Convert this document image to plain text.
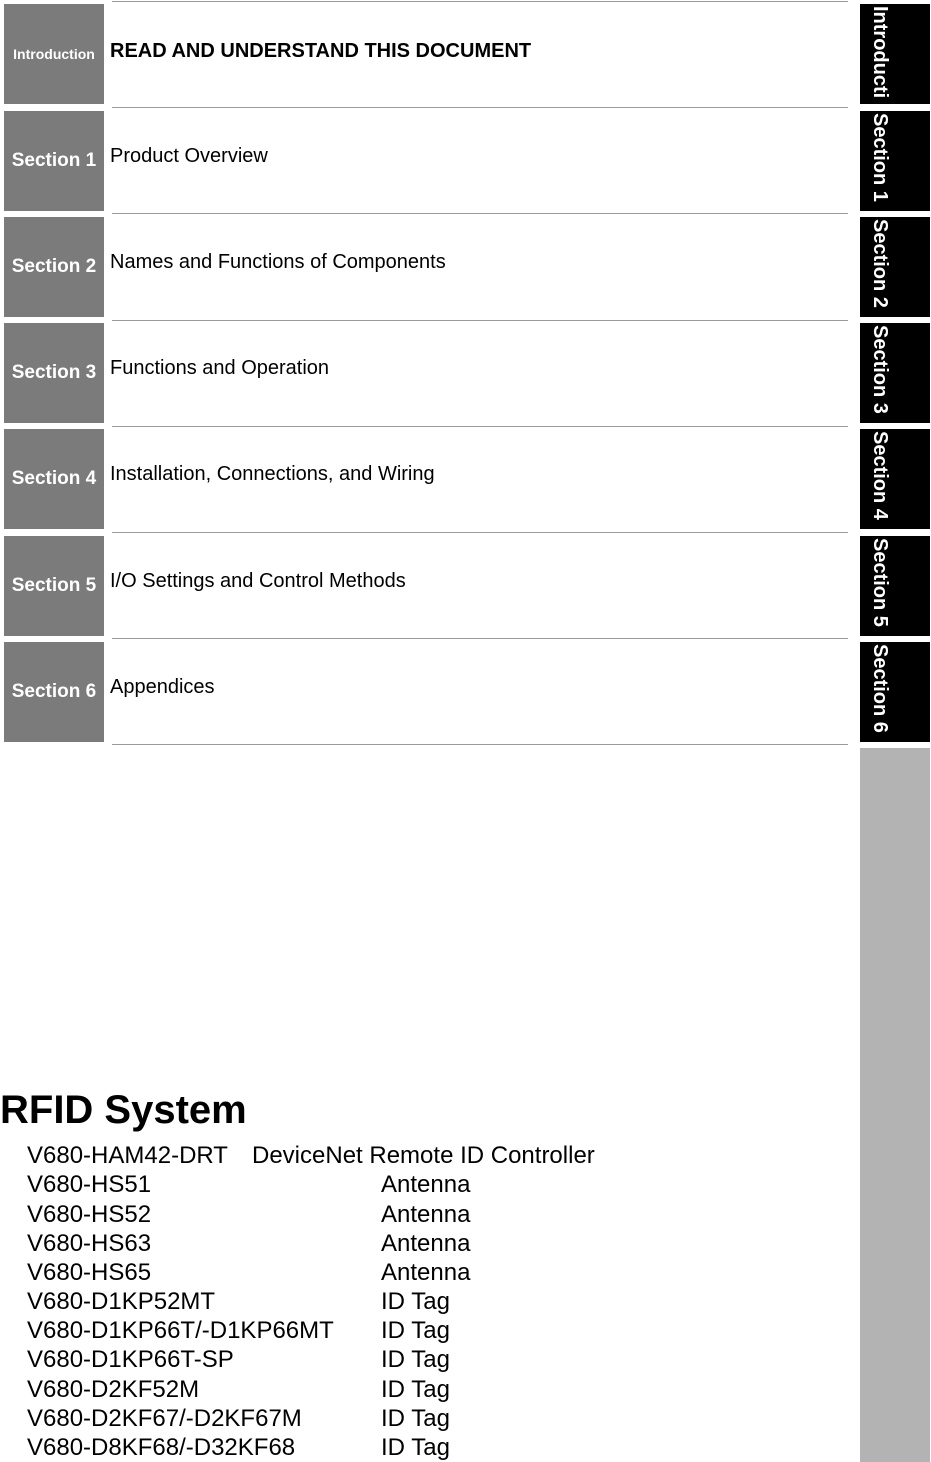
Introduction READ AND UNDERSTAND THIS DOCUMENT
Section 1 Product Overview
Section 2 Names and Functions of Components
Section 3 Functions and Operation
Section 4 Installation, Connections, and Wiring
Section 5 I/O Settings and Control Methods
Section 6 Appendices
Introducti
Section 1
Section 2
Section 3
Section 4
Section 5
Section 6
RFID System
V680-HAM42-DRT DeviceNet Remote ID Controller
V680-HS51	Antenna
V680-HS52	Antenna
V680-HS63	Antenna
V680-HS65	Antenna
V680-D1KP52MT	ID Tag
V680-D1KP66T/-D1KP66MT ID Tag
V680-D1KP66T-SP	ID Tag
V680-D2KF52M	ID Tag
V680-D2KF67/-D2KF67M	ID Tag
V680-D8KF68/-D32KF68	ID Tag
